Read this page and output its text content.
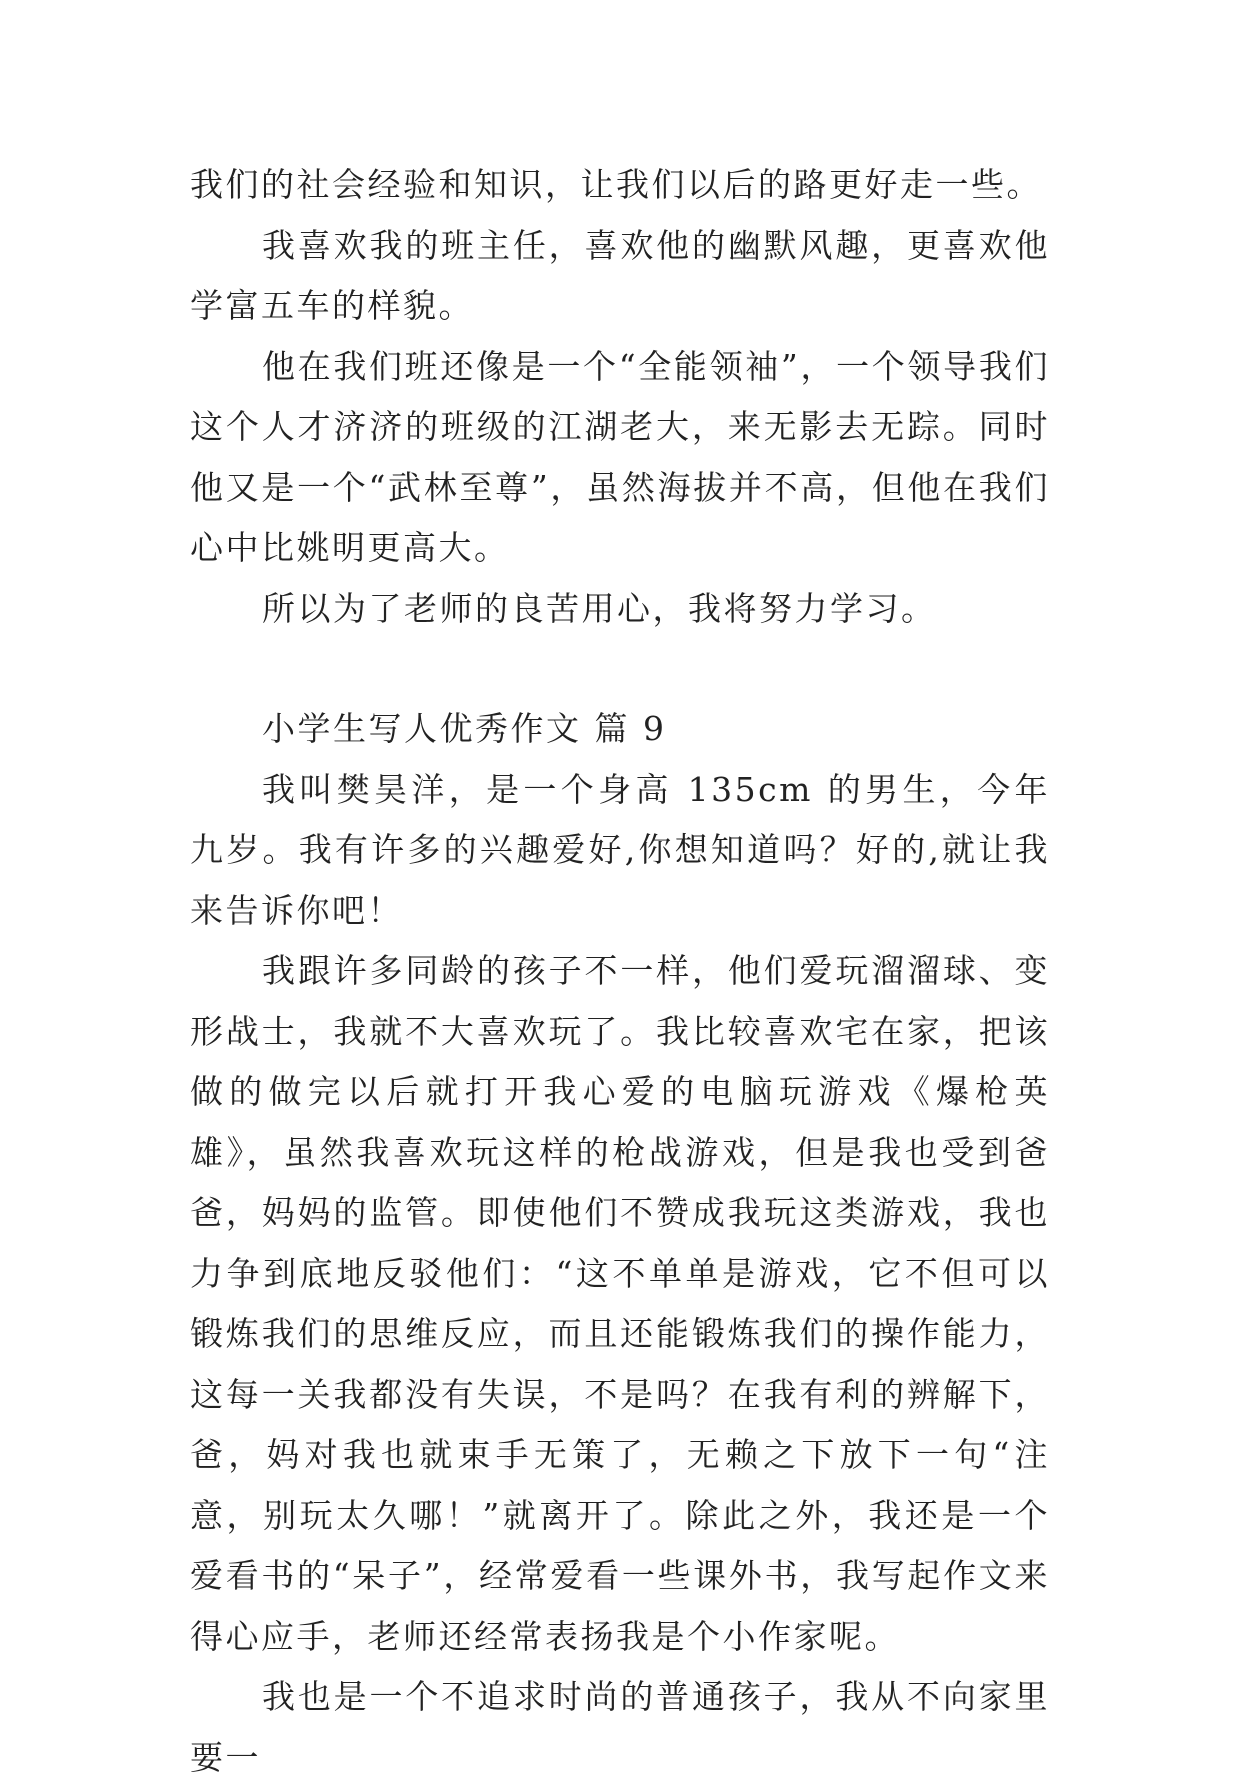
我们的社会经验和知识，让我们以后的路更好走一些。

我喜欢我的班主任，喜欢他的幽默风趣，更喜欢他学富五车的样貌。

他在我们班还像是一个“全能领袖”，一个领导我们这个人才济济的班级的江湖老大，来无影去无踪。同时他又是一个“武林至尊”，虽然海拔并不高，但他在我们心中比姚明更高大。

所以为了老师的良苦用心，我将努力学习。

小学生写人优秀作文 篇 9

我叫樊昊洋，是一个身高 135cm 的男生，今年九岁。我有许多的兴趣爱好,你想知道吗？好的,就让我来告诉你吧！

我跟许多同龄的孩子不一样，他们爱玩溜溜球、变形战士，我就不大喜欢玩了。我比较喜欢宅在家，把该做的做完以后就打开我心爱的电脑玩游戏《爆枪英雄》，虽然我喜欢玩这样的枪战游戏，但是我也受到爸爸，妈妈的监管。即使他们不赞成我玩这类游戏，我也力争到底地反驳他们：“这不单单是游戏，它不但可以锻炼我们的思维反应，而且还能锻炼我们的操作能力，这每一关我都没有失误，不是吗？在我有利的辨解下，爸，妈对我也就束手无策了，无赖之下放下一句“注意，别玩太久哪！”就离开了。除此之外，我还是一个爱看书的“呆子”，经常爱看一些课外书，我写起作文来得心应手，老师还经常表扬我是个小作家呢。

我也是一个不追求时尚的普通孩子，我从不向家里要一
